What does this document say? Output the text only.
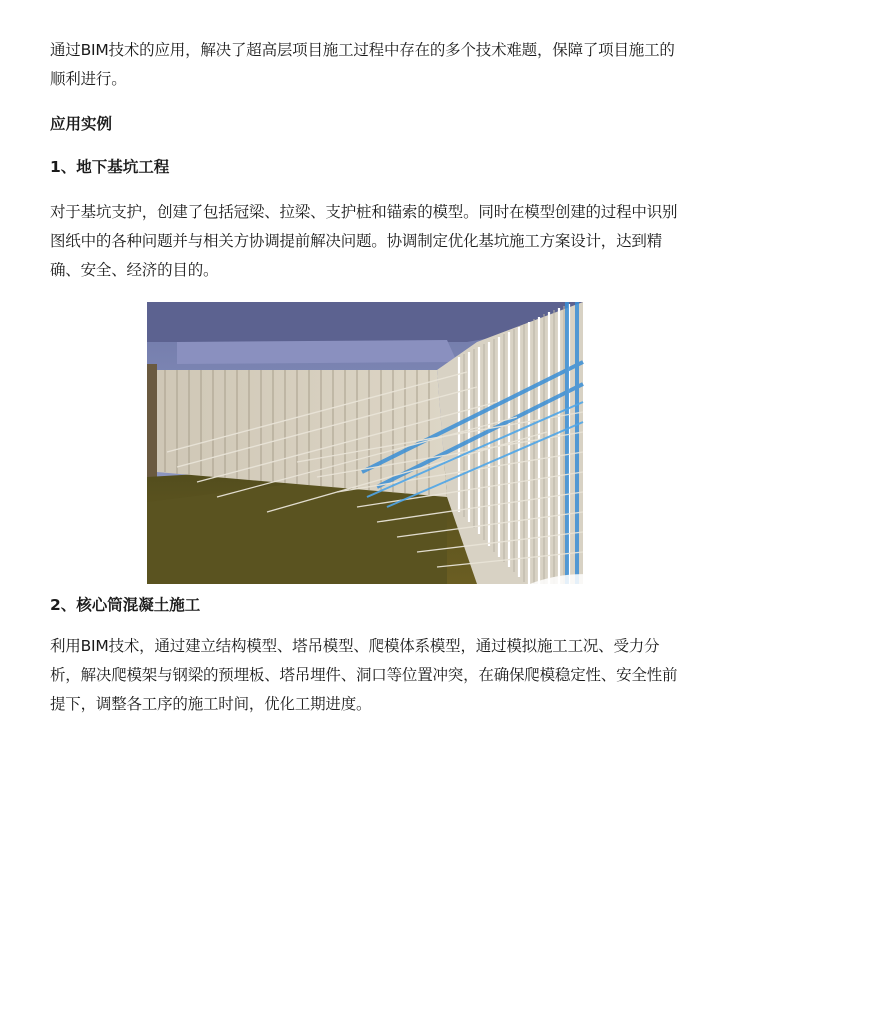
通过BIM技术的应用，解决了超高层项目施工过程中存在的多个技术难题，保障了项目施工的顺利进行。

应用实例
1、地下基坑工程

对于基坑支护，创建了包括冠梁、拉梁、支护桩和锚索的模型。同时在模型创建的过程中识别图纸中的各种问题并与相关方协调提前解决问题。协调制定优化基坑施工方案设计，达到精确、安全、经济的目的。

上海宝冶BIM中心
2、核心筒混凝土施工

利用BIM技术，通过建立结构模型、塔吊模型、爬模体系模型，通过模拟施工工况、受力分析，解决爬模架与钢梁的预埋板、塔吊埋件、洞口等位置冲突，在确保爬模稳定性、安全性前提下，调整各工序的施工时间，优化工期进度。
